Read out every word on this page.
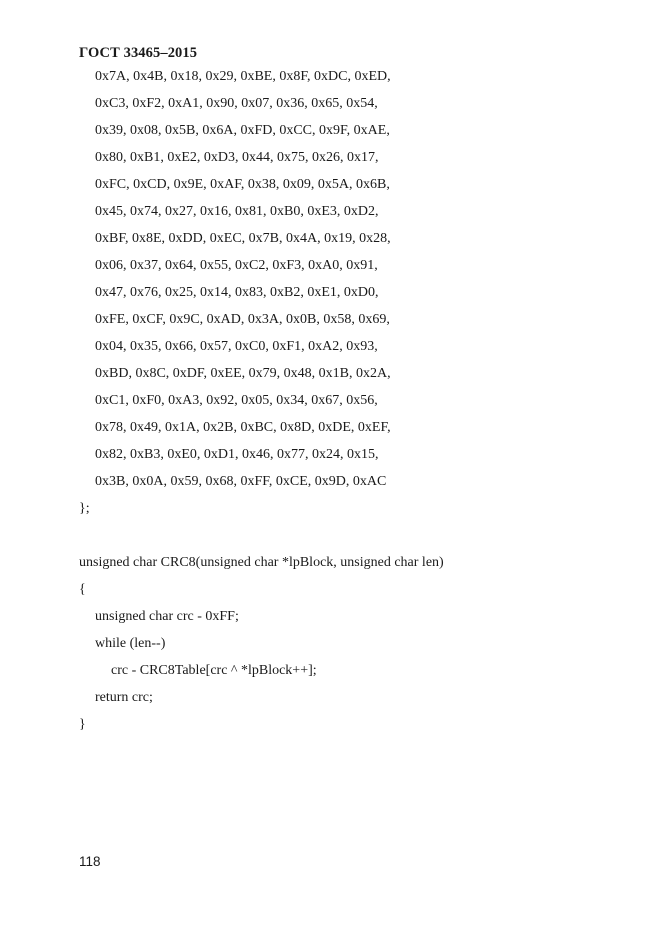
ГОСТ 33465–2015
0x7A, 0x4B, 0x18, 0x29, 0xBE, 0x8F, 0xDC, 0xED,
0xC3, 0xF2, 0xA1, 0x90, 0x07, 0x36, 0x65, 0x54,
0x39, 0x08, 0x5B, 0x6A, 0xFD, 0xCC, 0x9F, 0xAE,
0x80, 0xB1, 0xE2, 0xD3, 0x44, 0x75, 0x26, 0x17,
0xFC, 0xCD, 0x9E, 0xAF, 0x38, 0x09, 0x5A, 0x6B,
0x45, 0x74, 0x27, 0x16, 0x81, 0xB0, 0xE3, 0xD2,
0xBF, 0x8E, 0xDD, 0xEC, 0x7B, 0x4A, 0x19, 0x28,
0x06, 0x37, 0x64, 0x55, 0xC2, 0xF3, 0xA0, 0x91,
0x47, 0x76, 0x25, 0x14, 0x83, 0xB2, 0xE1, 0xD0,
0xFE, 0xCF, 0x9C, 0xAD, 0x3A, 0x0B, 0x58, 0x69,
0x04, 0x35, 0x66, 0x57, 0xC0, 0xF1, 0xA2, 0x93,
0xBD, 0x8C, 0xDF, 0xEE, 0x79, 0x48, 0x1B, 0x2A,
0xC1, 0xF0, 0xA3, 0x92, 0x05, 0x34, 0x67, 0x56,
0x78, 0x49, 0x1A, 0x2B, 0xBC, 0x8D, 0xDE, 0xEF,
0x82, 0xB3, 0xE0, 0xD1, 0x46, 0x77, 0x24, 0x15,
0x3B, 0x0A, 0x59, 0x68, 0xFF, 0xCE, 0x9D, 0xAC
};
unsigned char CRC8(unsigned char *lpBlock, unsigned char len)
{
unsigned char crc - 0xFF;
while (len--)
crc - CRC8Table[crc ^ *lpBlock++];
return crc;
}
118
